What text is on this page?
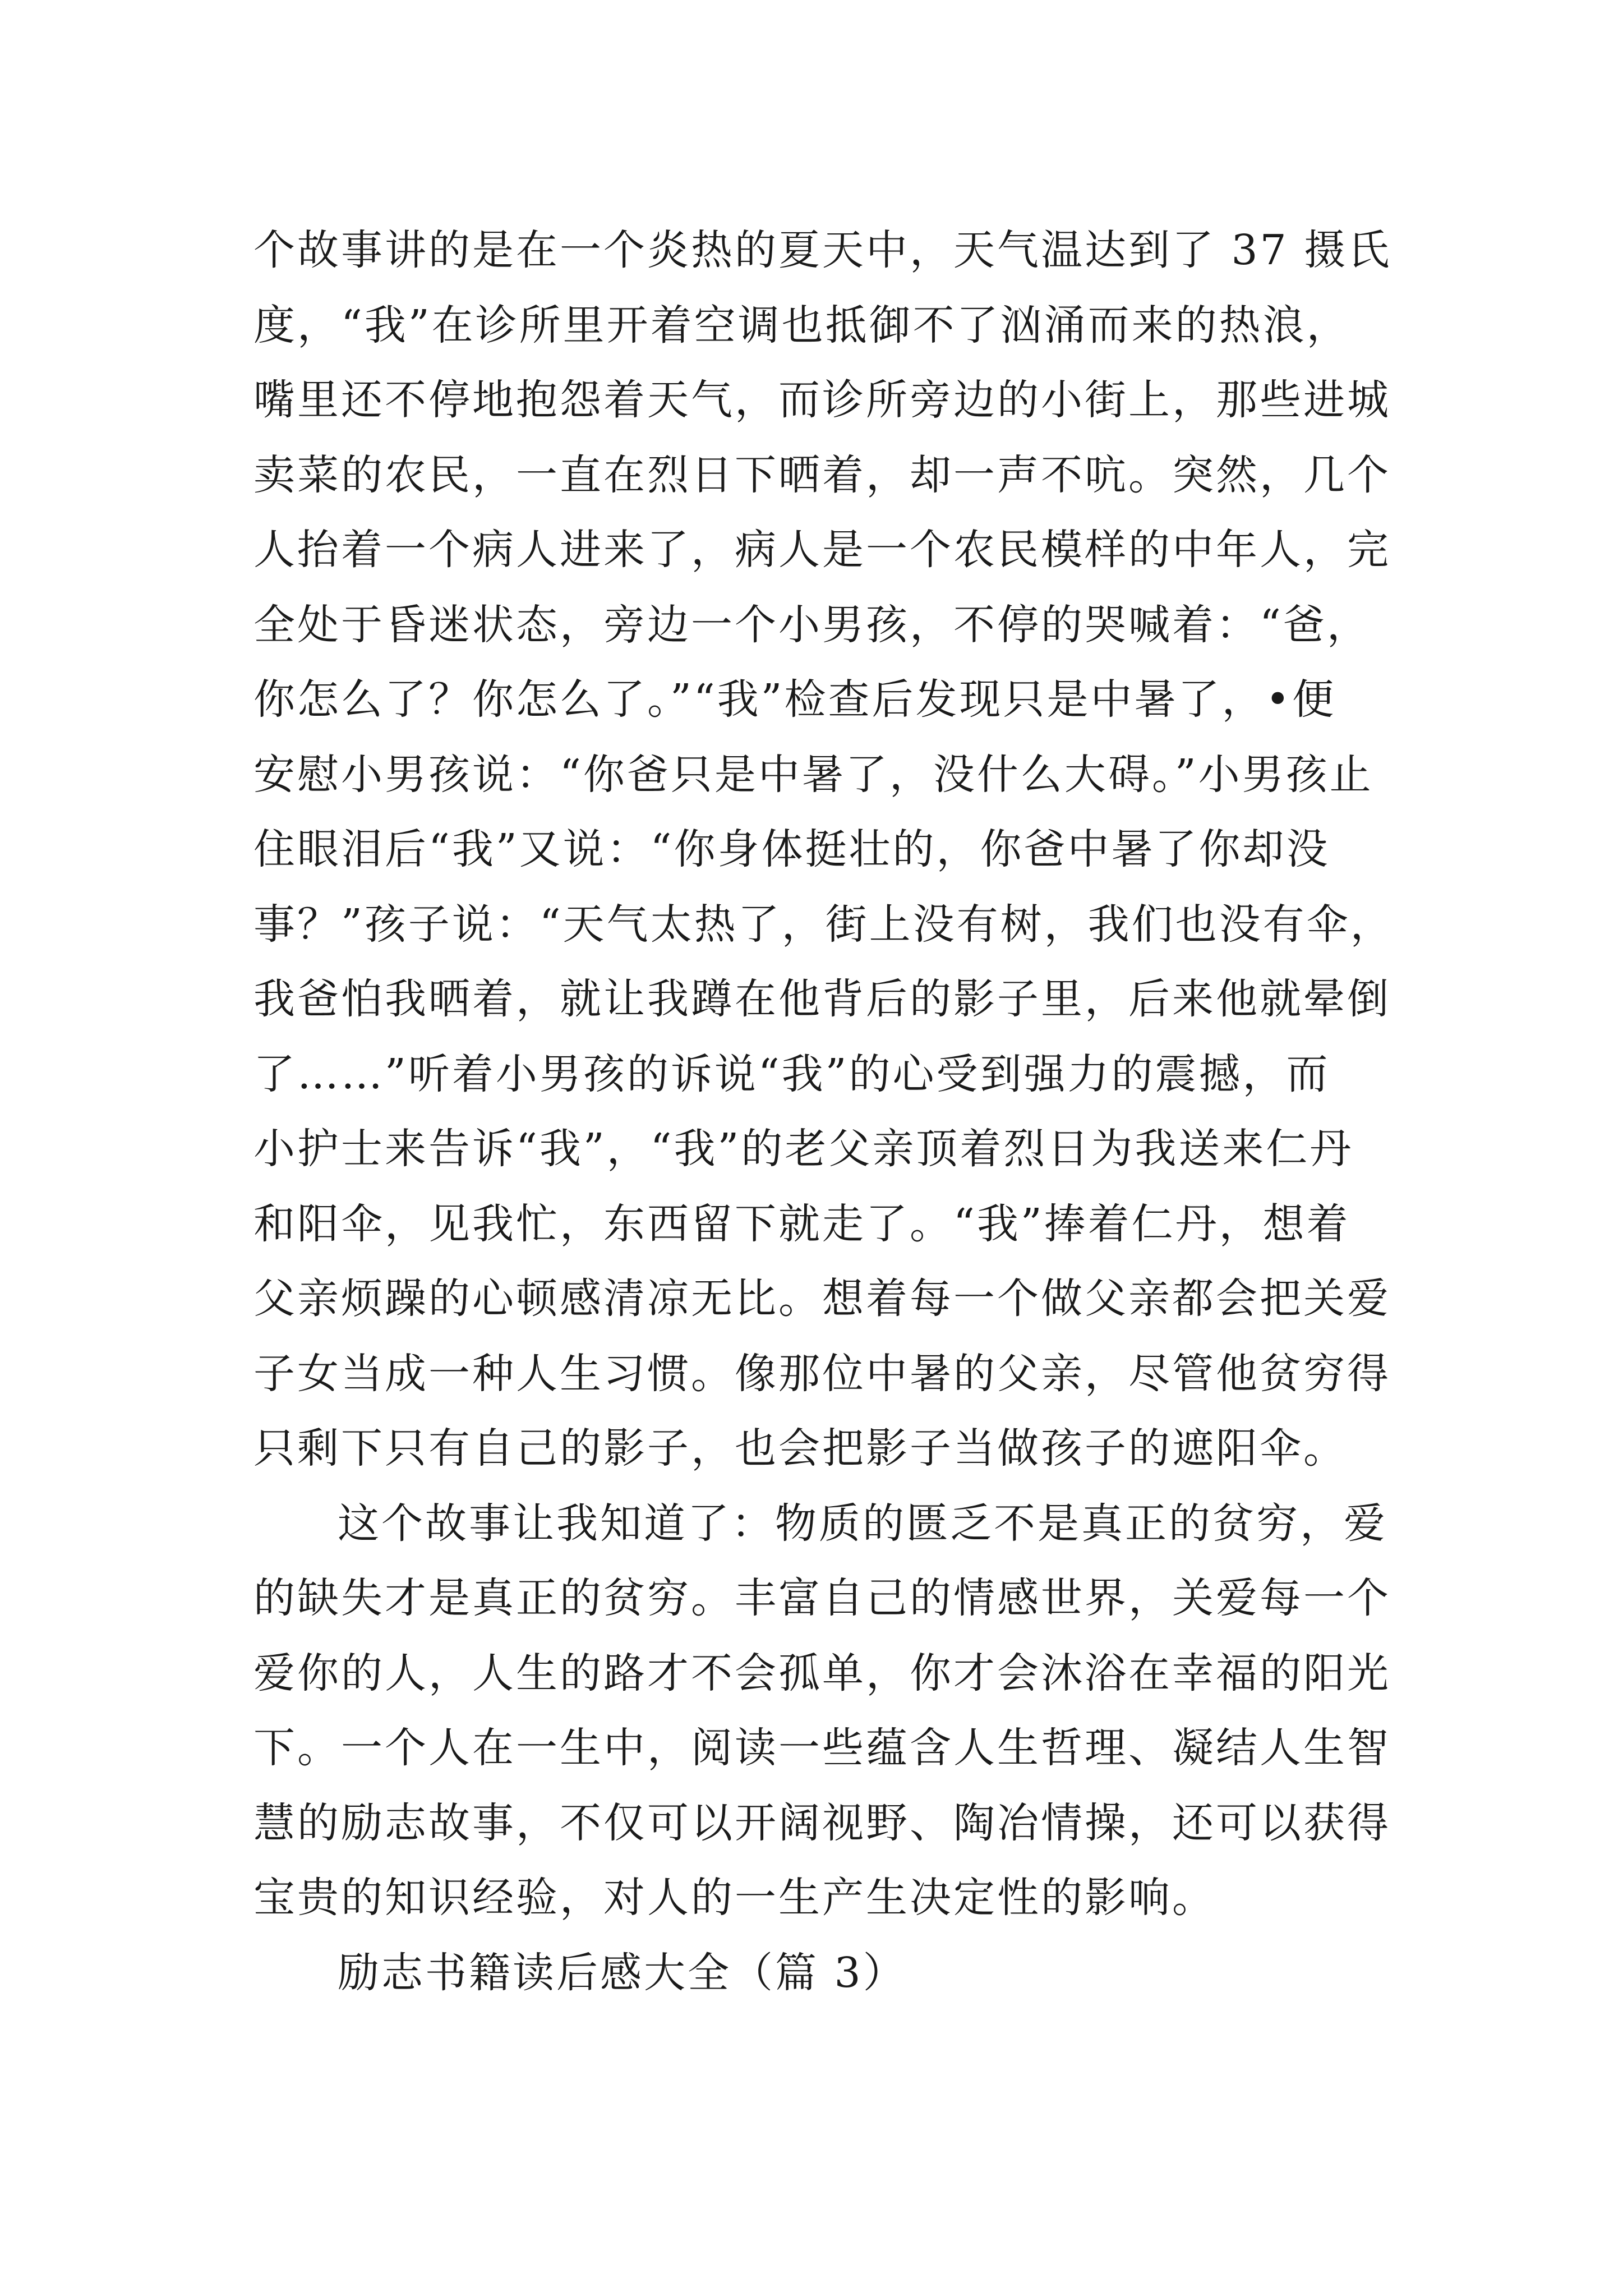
个故事讲的是在一个炎热的夏天中，天气温达到了 37 摄氏
度，“我”在诊所里开着空调也抵御不了汹涌而来的热浪，
嘴里还不停地抱怨着天气，而诊所旁边的小街上，那些进城
卖菜的农民，一直在烈日下晒着，却一声不吭。突然，几个
人抬着一个病人进来了，病人是一个农民模样的中年人，完
全处于昏迷状态，旁边一个小男孩，不停的哭喊着：“爸，
你怎么了？你怎么了。”“我”检查后发现只是中暑了，•便
安慰小男孩说：“你爸只是中暑了，没什么大碍。”小男孩止
住眼泪后“我”又说：“你身体挺壮的，你爸中暑了你却没
事？”孩子说：“天气太热了，街上没有树，我们也没有伞，
我爸怕我晒着，就让我蹲在他背后的影子里，后来他就晕倒
了……”听着小男孩的诉说“我”的心受到强力的震撼，而
小护士来告诉“我”，“我”的老父亲顶着烈日为我送来仁丹
和阳伞，见我忙，东西留下就走了。“我”捧着仁丹，想着
父亲烦躁的心顿感清凉无比。想着每一个做父亲都会把关爱
子女当成一种人生习惯。像那位中暑的父亲，尽管他贫穷得
只剩下只有自己的影子，也会把影子当做孩子的遮阳伞。
这个故事让我知道了：物质的匮乏不是真正的贫穷，爱
的缺失才是真正的贫穷。丰富自己的情感世界，关爱每一个
爱你的人，人生的路才不会孤单，你才会沐浴在幸福的阳光
下。一个人在一生中，阅读一些蕴含人生哲理、凝结人生智
慧的励志故事，不仅可以开阔视野、陶冶情操，还可以获得
宝贵的知识经验，对人的一生产生决定性的影响。
励志书籍读后感大全（篇 3）
